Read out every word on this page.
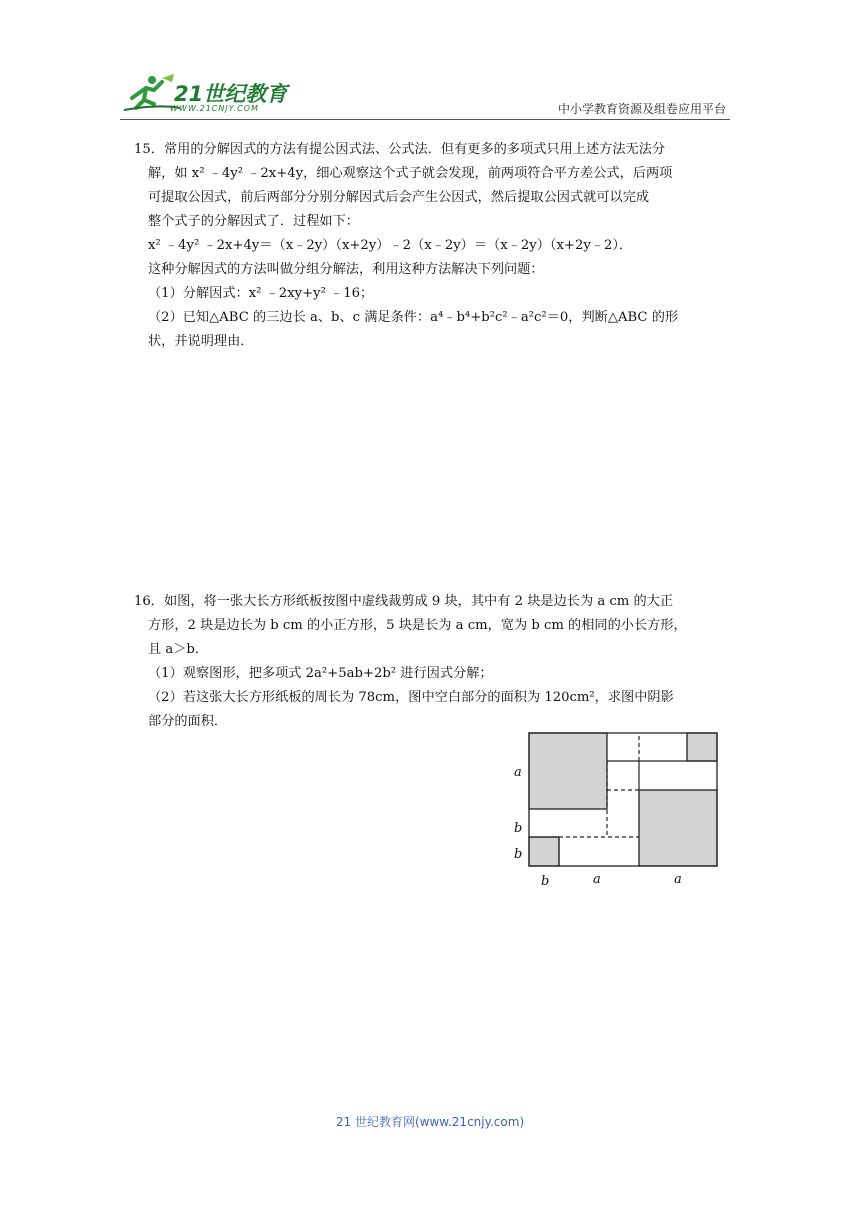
21世纪教育
WWW.21CNJY.COM	中小学教育资源及组卷应用平台
15．常用的分解因式的方法有提公因式法、公式法．但有更多的多项式只用上述方法无法分
解，如 x² ﹣4y² ﹣2x+4y，细心观察这个式子就会发现，前两项符合平方差公式，后两项
可提取公因式，前后两部分分别分解因式后会产生公因式，然后提取公因式就可以完成
整个式子的分解因式了．过程如下：
x² ﹣4y² ﹣2x+4y＝（x﹣2y）（x+2y）﹣2（x﹣2y）＝（x﹣2y）（x+2y﹣2）．
这种分解因式的方法叫做分组分解法，利用这种方法解决下列问题：
（1）分解因式：x² ﹣2xy+y² ﹣16；
（2）已知△ABC 的三边长 a、b、c 满足条件：a⁴﹣b⁴+b²c²﹣a²c²＝0，判断△ABC 的形
状，并说明理由．
16．如图，将一张大长方形纸板按图中虚线裁剪成 9 块，其中有 2 块是边长为 a cm 的大正
方形，2 块是边长为 b cm 的小正方形，5 块是长为 a cm，宽为 b cm 的相同的小长方形，
且 a＞b．
（1）观察图形，把多项式 2a²+5ab+2b² 进行因式分解；
（2）若这张大长方形纸板的周长为 78cm，图中空白部分的面积为 120cm²，求图中阴影
部分的面积．
a
b
b
b	a	a
21 世纪教育网(www.21cnjy.com)
